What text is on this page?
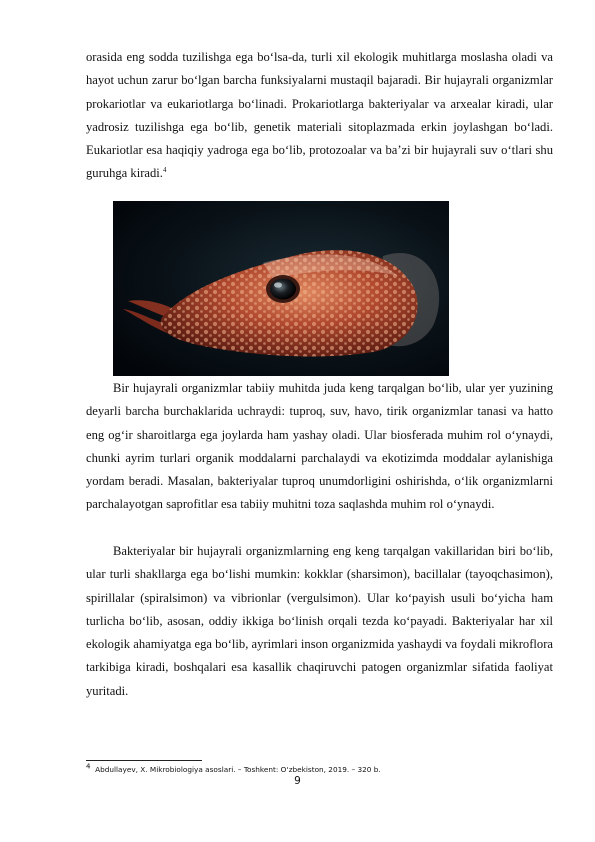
orasida eng sodda tuzilishga ega bo‘lsa-da, turli xil ekologik muhitlarga moslasha oladi va hayot uchun zarur bo‘lgan barcha funksiyalarni mustaqil bajaradi. Bir hujayrali organizmlar prokariotlar va eukariotlarga bo‘linadi. Prokariotlarga bakteriyalar va arxealar kiradi, ular yadrosiz tuzilishga ega bo‘lib, genetik materiali sitoplazmada erkin joylashgan bo‘ladi. Eukariotlar esa haqiqiy yadroga ega bo‘lib, protozoalar va ba’zi bir hujayrali suv o‘tlari shu guruhga kiradi.$^4$

Bir hujayrali organizmlar tabiiy muhitda juda keng tarqalgan bo‘lib, ular yer yuzining deyarli barcha burchaklarida uchraydi: tuproq, suv, havo, tirik organizmlar tanasi va hatto eng og‘ir sharoitlarga ega joylarda ham yashay oladi. Ular biosferada muhim rol o‘ynaydi, chunki ayrim turlari organik moddalarni parchalaydi va ekotizimda moddalar aylanishiga yordam beradi. Masalan, bakteriyalar tuproq unumdorligini oshirishda, o‘lik organizmlarni parchalayotgan saprofitlar esa tabiiy muhitni toza saqlashda muhim rol o‘ynaydi.

Bakteriyalar bir hujayrali organizmlarning eng keng tarqalgan vakillaridan biri bo‘lib, ular turli shakllarga ega bo‘lishi mumkin: kokklar (sharsimon), bacillalar (tayoqchasimon), spirillalar (spiralsimon) va vibrionlar (vergulsimon). Ular ko‘payish usuli bo‘yicha ham turlicha bo‘lib, asosan, oddiy ikkiga bo‘linish orqali tezda ko‘payadi. Bakteriyalar har xil ekologik ahamiyatga ega bo‘lib, ayrimlari inson organizmida yashaydi va foydali mikroflora tarkibiga kiradi, boshqalari esa kasallik chaqiruvchi patogen organizmlar sifatida faoliyat yuritadi.

$^4$ Abdullayev, X. Mikrobiologiya asoslari. – Toshkent: O‘zbekiston, 2019. – 320 b.

9
